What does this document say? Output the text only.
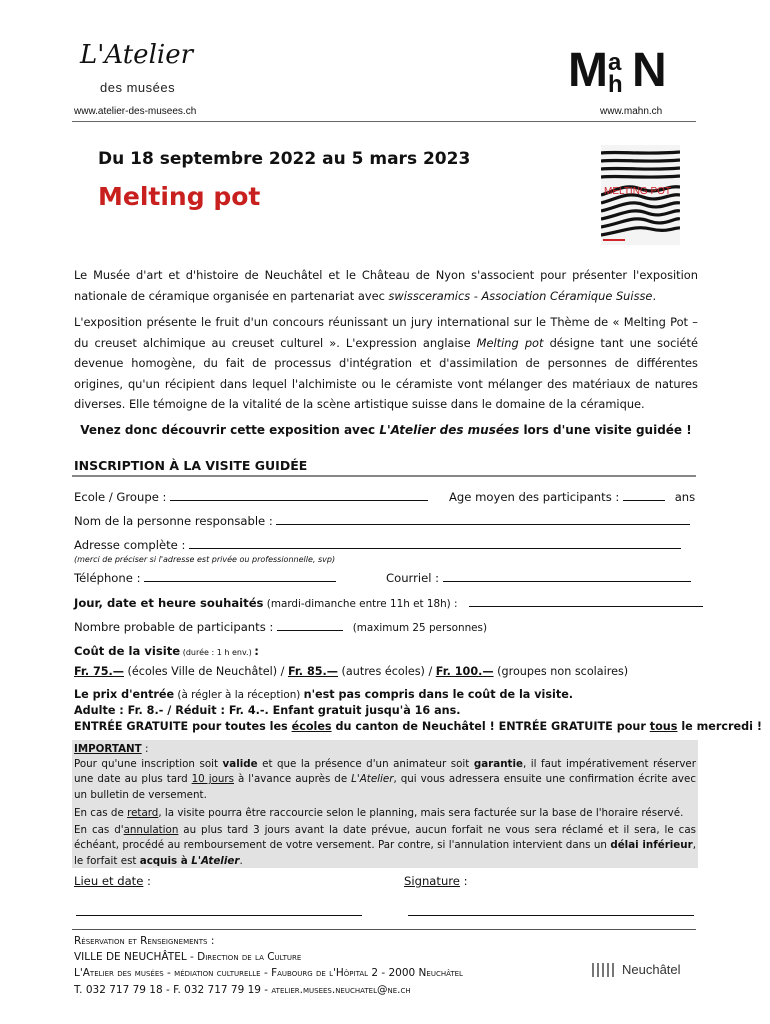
L'Atelier
des musées	M a
h N
www.atelier-des-musees.ch	www.mahn.ch
Du 18 septembre 2022 au 5 mars 2023
Melting pot	MELTING POT
Le Musée d'art et d'histoire de Neuchâtel et le Château de Nyon s'associent pour présenter l'exposition nationale de céramique organisée en partenariat avec swissceramics - Association Céramique Suisse.
L'exposition présente le fruit d'un concours réunissant un jury international sur le Thème de « Melting Pot – du creuset alchimique au creuset culturel ». L'expression anglaise Melting pot désigne tant une société devenue homogène, du fait de processus d'intégration et d'assimilation de personnes de différentes origines, qu'un récipient dans lequel l'alchimiste ou le céramiste vont mélanger des matériaux de natures diverses. Elle témoigne de la vitalité de la scène artistique suisse dans le domaine de la céramique.
Venez donc découvrir cette exposition avec L'Atelier des musées lors d'une visite guidée !
INSCRIPTION À LA VISITE GUIDÉE
Ecole / Groupe :	Age moyen des participants :	ans
Nom de la personne responsable :
Adresse complète :
(merci de préciser si l'adresse est privée ou professionnelle, svp)
Téléphone :	Courriel :
Jour, date et heure souhaités (mardi-dimanche entre 11h et 18h) :
Nombre probable de participants :	(maximum 25 personnes)
Coût de la visite (durée : 1 h env.) :
Fr. 75.— (écoles Ville de Neuchâtel) / Fr. 85.— (autres écoles) / Fr. 100.— (groupes non scolaires)
Le prix d'entrée (à régler à la réception) n'est pas compris dans le coût de la visite.
Adulte : Fr. 8.- / Réduit : Fr. 4.-. Enfant gratuit jusqu'à 16 ans.
ENTRÉE GRATUITE pour toutes les écoles du canton de Neuchâtel ! ENTRÉE GRATUITE pour tous le mercredi !
IMPORTANT :
Pour qu'une inscription soit valide et que la présence d'un animateur soit garantie, il faut impérativement réserver une date au plus tard 10 jours à l'avance auprès de L'Atelier, qui vous adressera ensuite une confirmation écrite avec un bulletin de versement.
En cas de retard, la visite pourra être raccourcie selon le planning, mais sera facturée sur la base de l'horaire réservé.
En cas d'annulation au plus tard 3 jours avant la date prévue, aucun forfait ne vous sera réclamé et il sera, le cas échéant, procédé au remboursement de votre versement. Par contre, si l'annulation intervient dans un délai inférieur, le forfait est acquis à L'Atelier.
Lieu et date :	Signature :
Réservation et Renseignements :
VILLE DE NEUCHÂTEL - Direction de la Culture
L'Atelier des musées - médiation culturelle - Faubourg de l'Hôpital 2 - 2000 Neuchâtel
T. 032 717 79 18 - F. 032 717 79 19 - atelier.musees.neuchatel@ne.ch
Neuchâtel
